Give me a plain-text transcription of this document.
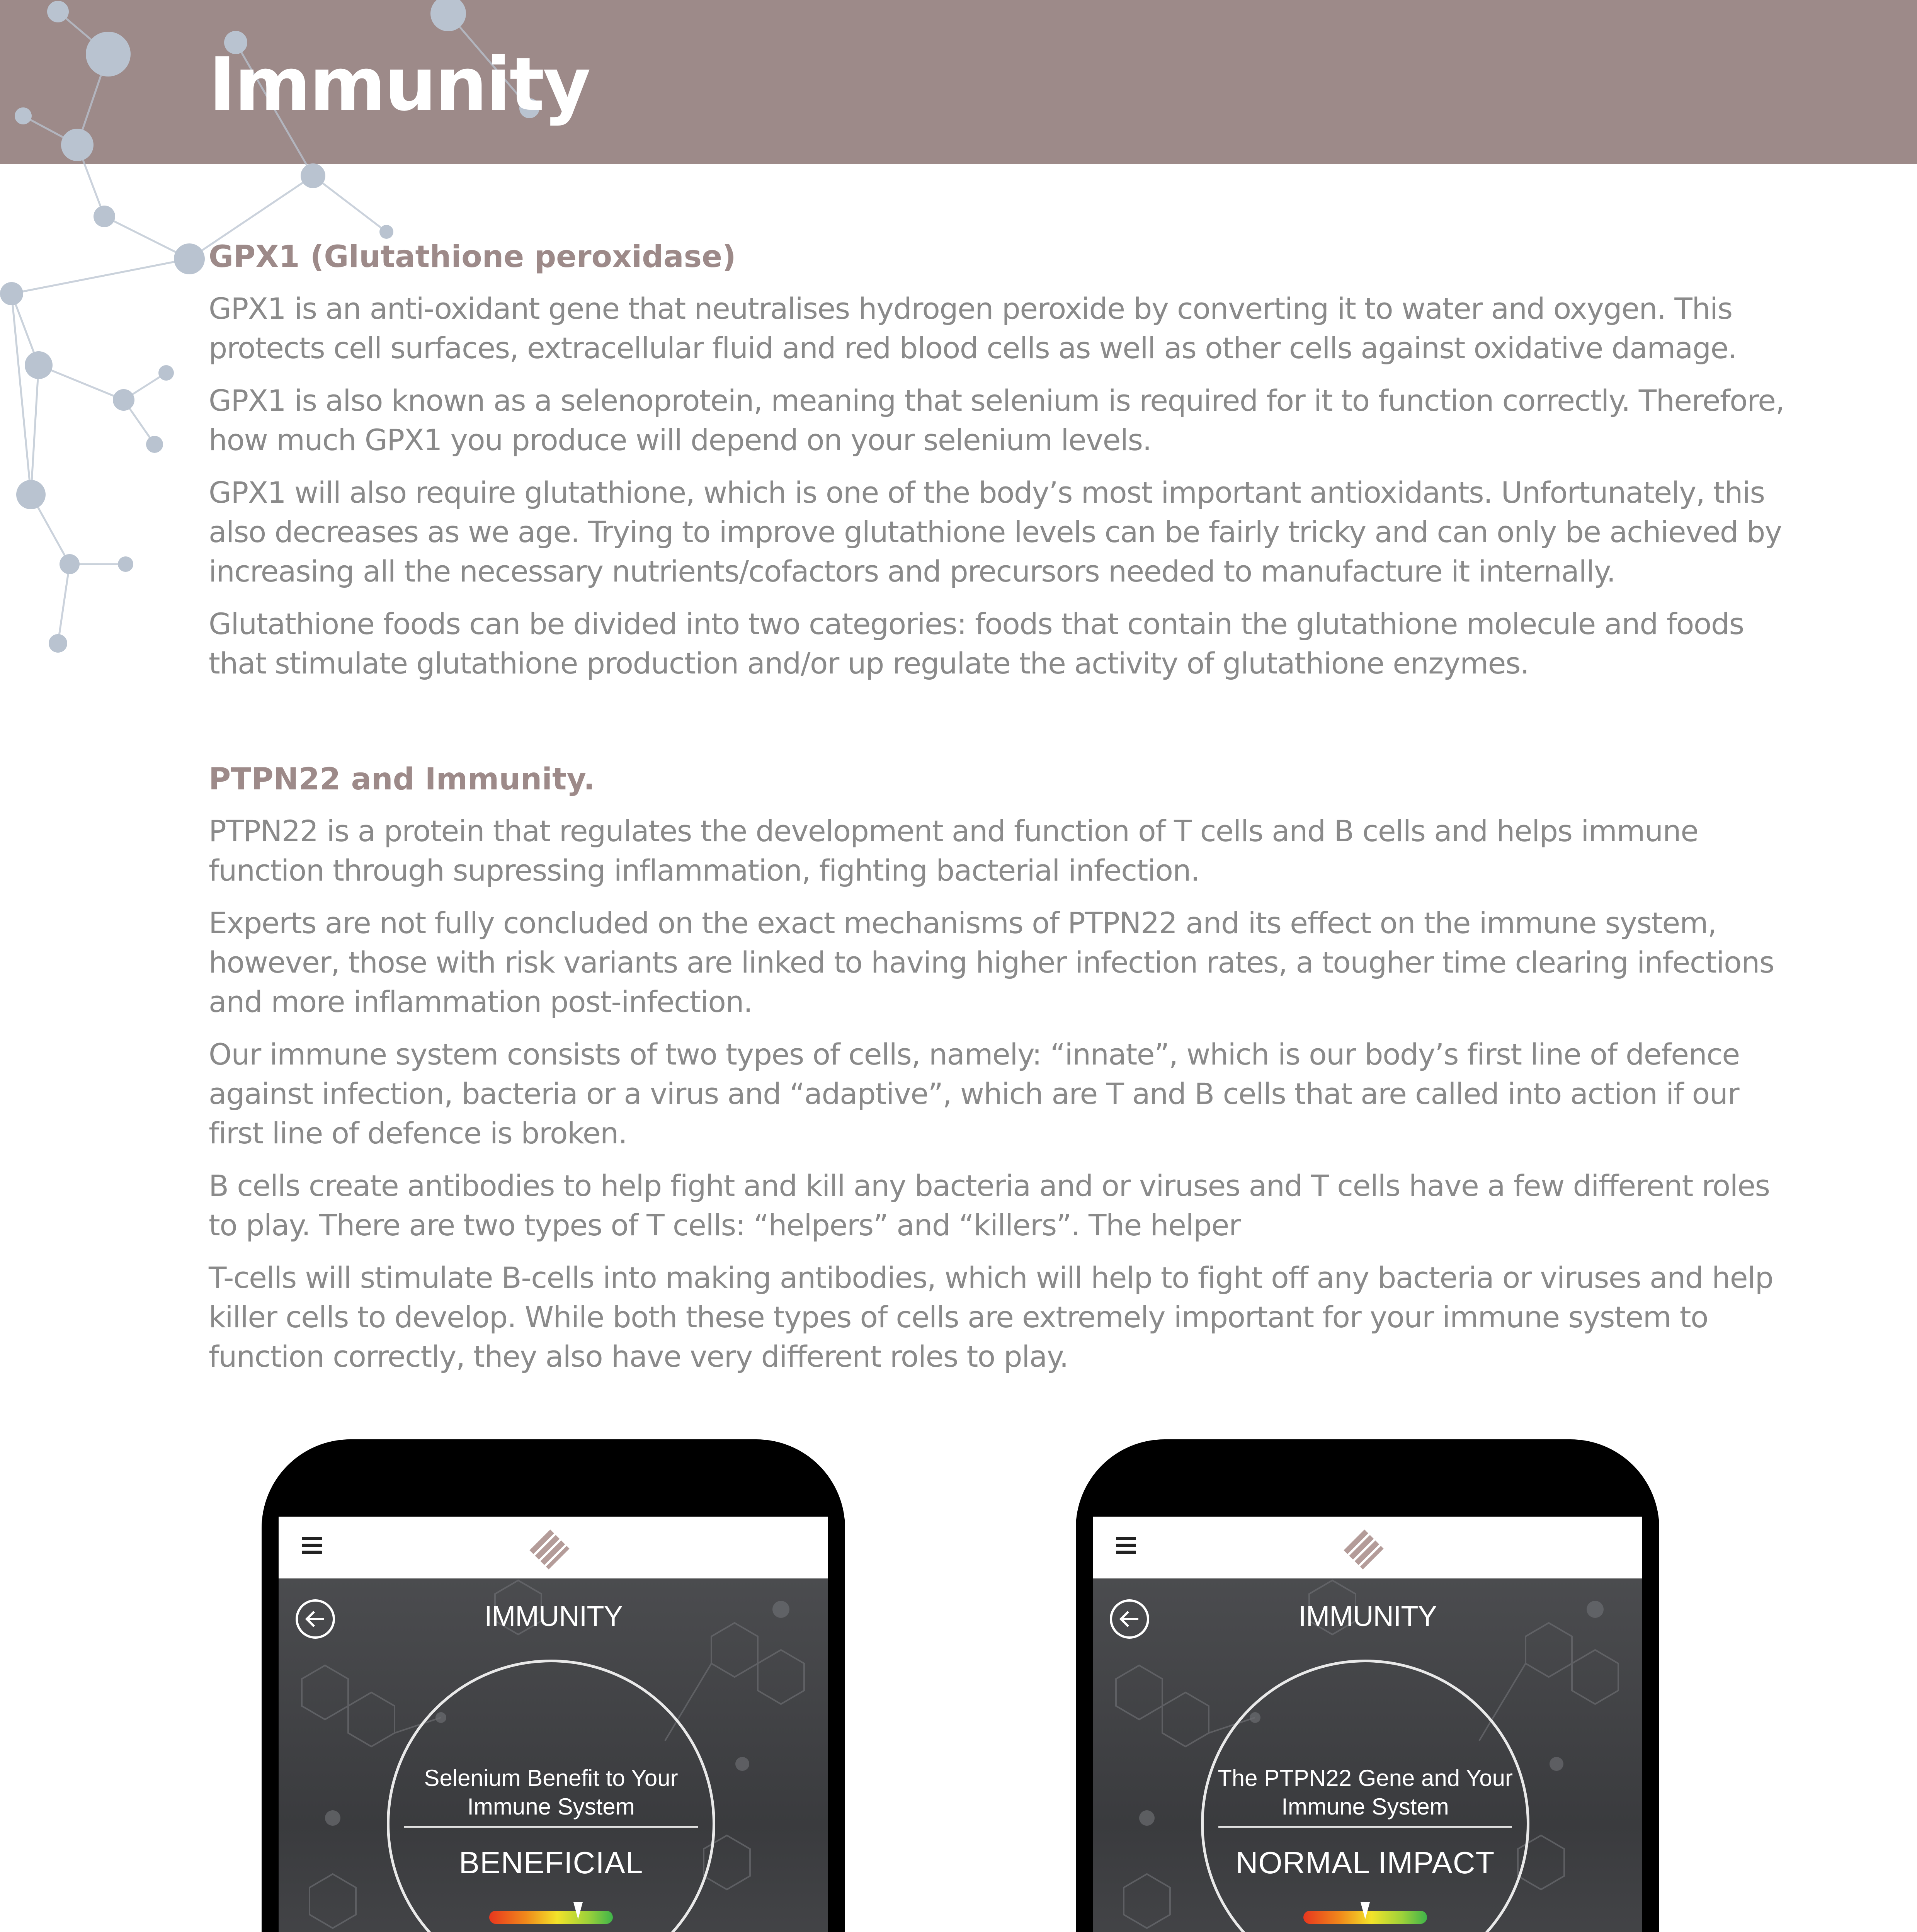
Immunity
GPX1 (Glutathione peroxidase)

GPX1 is an anti-oxidant gene that neutralises hydrogen peroxide by converting it to water and oxygen. This protects cell surfaces, extracellular fluid and red blood cells as well as other cells against oxidative damage.

GPX1 is also known as a selenoprotein, meaning that selenium is required for it to function correctly. Therefore, how much GPX1 you produce will depend on your selenium levels.

GPX1 will also require glutathione, which is one of the body’s most important antioxidants. Unfortunately, this also decreases as we age. Trying to improve glutathione levels can be fairly tricky and can only be achieved by increasing all the necessary nutrients/cofactors and precursors needed to manufacture it internally.

Glutathione foods can be divided into two categories: foods that contain the glutathione molecule and foods that stimulate glutathione production and/or up regulate the activity of glutathione enzymes.

PTPN22 and Immunity.

PTPN22 is a protein that regulates the development and function of T cells and B cells and helps immune function through supressing inflammation, fighting bacterial infection.

Experts are not fully concluded on the exact mechanisms of PTPN22 and its effect on the immune system, however, those with risk variants are linked to having higher infection rates, a tougher time clearing infections and more inflammation post-infection.

Our immune system consists of two types of cells, namely: “innate”, which is our body’s first line of defence against infection, bacteria or a virus and “adaptive”, which are T and B cells that are called into action if our first line of defence is broken.

B cells create antibodies to help fight and kill any bacteria and or viruses and T cells have a few different roles to play. There are two types of T cells: “helpers” and “killers”. The helper

T-cells will stimulate B-cells into making antibodies, which will help to fight off any bacteria or viruses and help killer cells to develop. While both these types of cells are extremely important for your immune system to function correctly, they also have very different roles to play.

IMMUNITY
Selenium Benefit to Your Immune System
BENEFICIAL

IMMUNITY
The PTPN22 Gene and Your Immune System
NORMAL IMPACT
